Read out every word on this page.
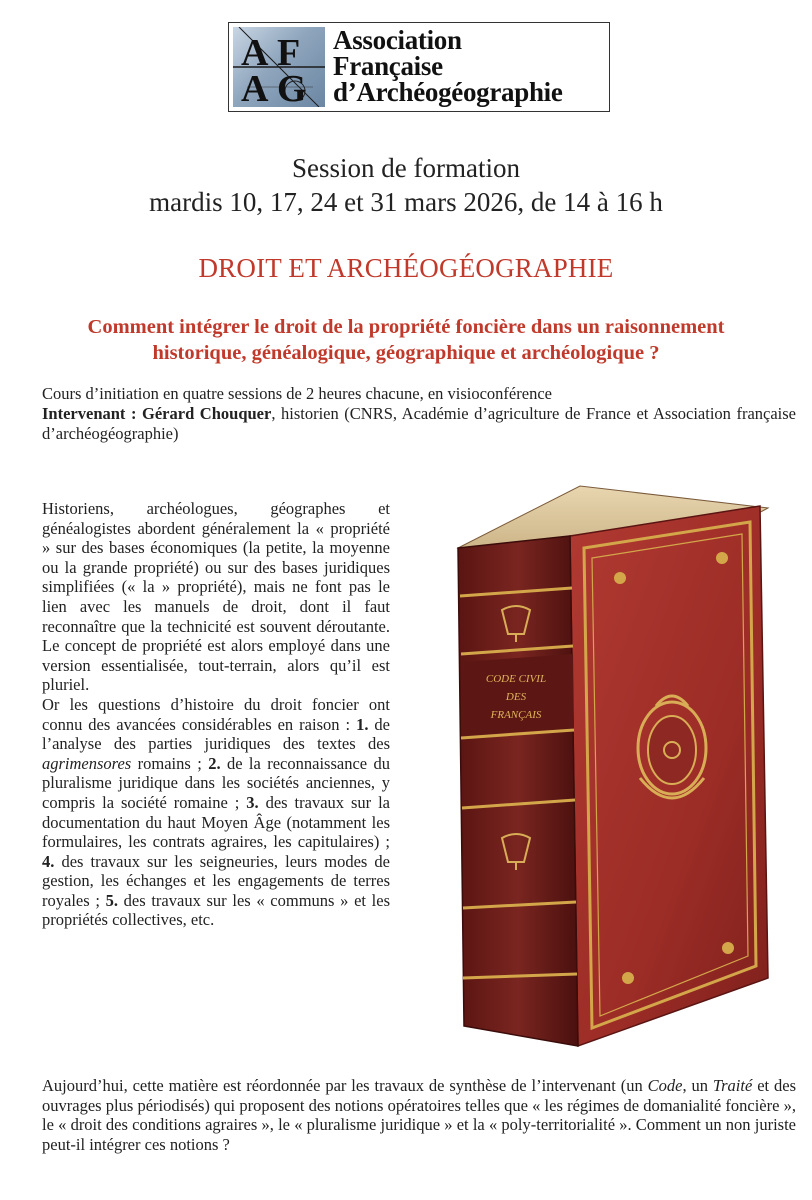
A F
A G
Association
Française
d’Archéogéographie
Session de formation
mardis 10, 17, 24 et 31 mars 2026, de 14 à 16 h
DROIT ET ARCHÉOGÉOGRAPHIE
Comment intégrer le droit de la propriété foncière dans un raisonnement
historique, généalogique, géographique et archéologique ?
Cours d’initiation en quatre sessions de 2 heures chacune, en visioconférence
Intervenant : Gérard Chouquer, historien (CNRS, Académie d’agriculture de France et Association française d’archéogéographie)

Historiens, archéologues, géographes et généalogistes abordent généralement la « propriété » sur des bases économiques (la petite, la moyenne ou la grande propriété) ou sur des bases juridiques simplifiées (« la » propriété), mais ne font pas le lien avec les manuels de droit, dont il faut reconnaître que la technicité est souvent déroutante. Le concept de propriété est alors employé dans une version essentialisée, tout-terrain, alors qu’il est pluriel.

Or les questions d’histoire du droit foncier ont connu des avancées considérables en raison : 1. de l’analyse des parties juridiques des textes des agrimensores romains ; 2. de la reconnaissance du pluralisme juridique dans les sociétés anciennes, y compris la société romaine ; 3. des travaux sur la documentation du haut Moyen Âge (notamment les formulaires, les contrats agraires, les capitulaires) ; 4. des travaux sur les seigneuries, leurs modes de gestion, les échanges et les engagements de terres royales ; 5. des travaux sur les « communs » et les propriétés collectives, etc.

CODE CIVIL
DES
FRANÇAIS

Aujourd’hui, cette matière est réordonnée par les travaux de synthèse de l’intervenant (un Code, un Traité et des ouvrages plus périodisés) qui proposent des notions opératoires telles que « les régimes de domanialité foncière », le « droit des conditions agraires », le « pluralisme juridique » et la « poly-territorialité ». Comment un non juriste peut-il intégrer ces notions ?
